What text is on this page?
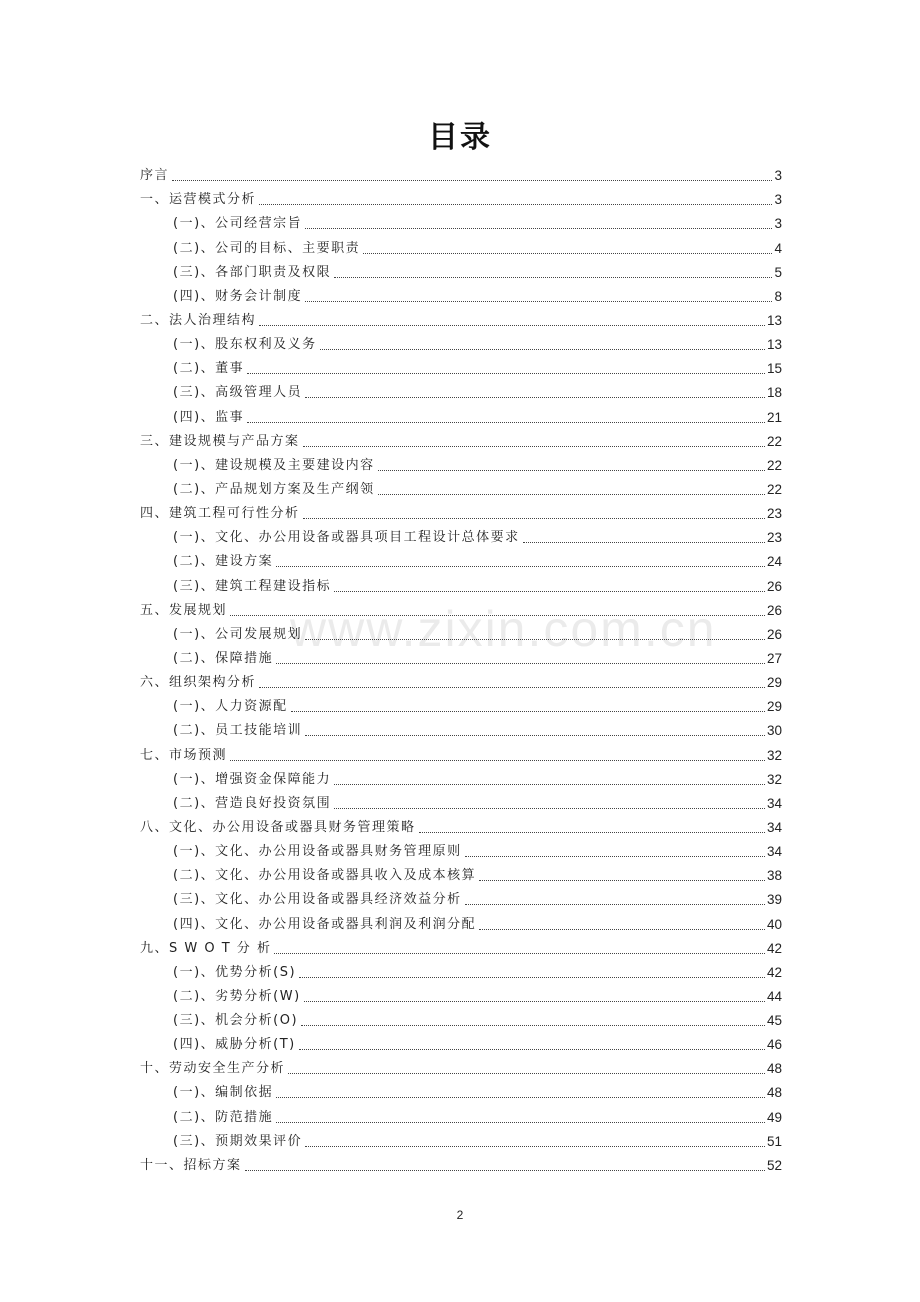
目录
序言	3
一、运营模式分析	3
(一)、公司经营宗旨	3
(二)、公司的目标、主要职责	4
(三)、各部门职责及权限	5
(四)、财务会计制度	8
二、法人治理结构	13
(一)、股东权利及义务	13
(二)、董事	15
(三)、高级管理人员	18
(四)、监事	21
三、建设规模与产品方案	22
(一)、建设规模及主要建设内容	22
(二)、产品规划方案及生产纲领	22
四、建筑工程可行性分析	23
(一)、文化、办公用设备或器具项目工程设计总体要求	23
(二)、建设方案	24
(三)、建筑工程建设指标	26
五、发展规划	26
(一)、公司发展规划	26
(二)、保障措施	27
六、组织架构分析	29
(一)、人力资源配	29
(二)、员工技能培训	30
七、市场预测	32
(一)、增强资金保障能力	32
(二)、营造良好投资氛围	34
八、文化、办公用设备或器具财务管理策略	34
(一)、文化、办公用设备或器具财务管理原则	34
(二)、文化、办公用设备或器具收入及成本核算	38
(三)、文化、办公用设备或器具经济效益分析	39
(四)、文化、办公用设备或器具利润及利润分配	40
九、S W O T 分 析	42
(一)、优势分析(S)	42
(二)、劣势分析(W)	44
(三)、机会分析(O)	45
(四)、威胁分析(T)	46
十、劳动安全生产分析	48
(一)、编制依据	48
(二)、防范措施	49
(三)、预期效果评价	51
十一、招标方案	52
www.zixin.com.cn
2
